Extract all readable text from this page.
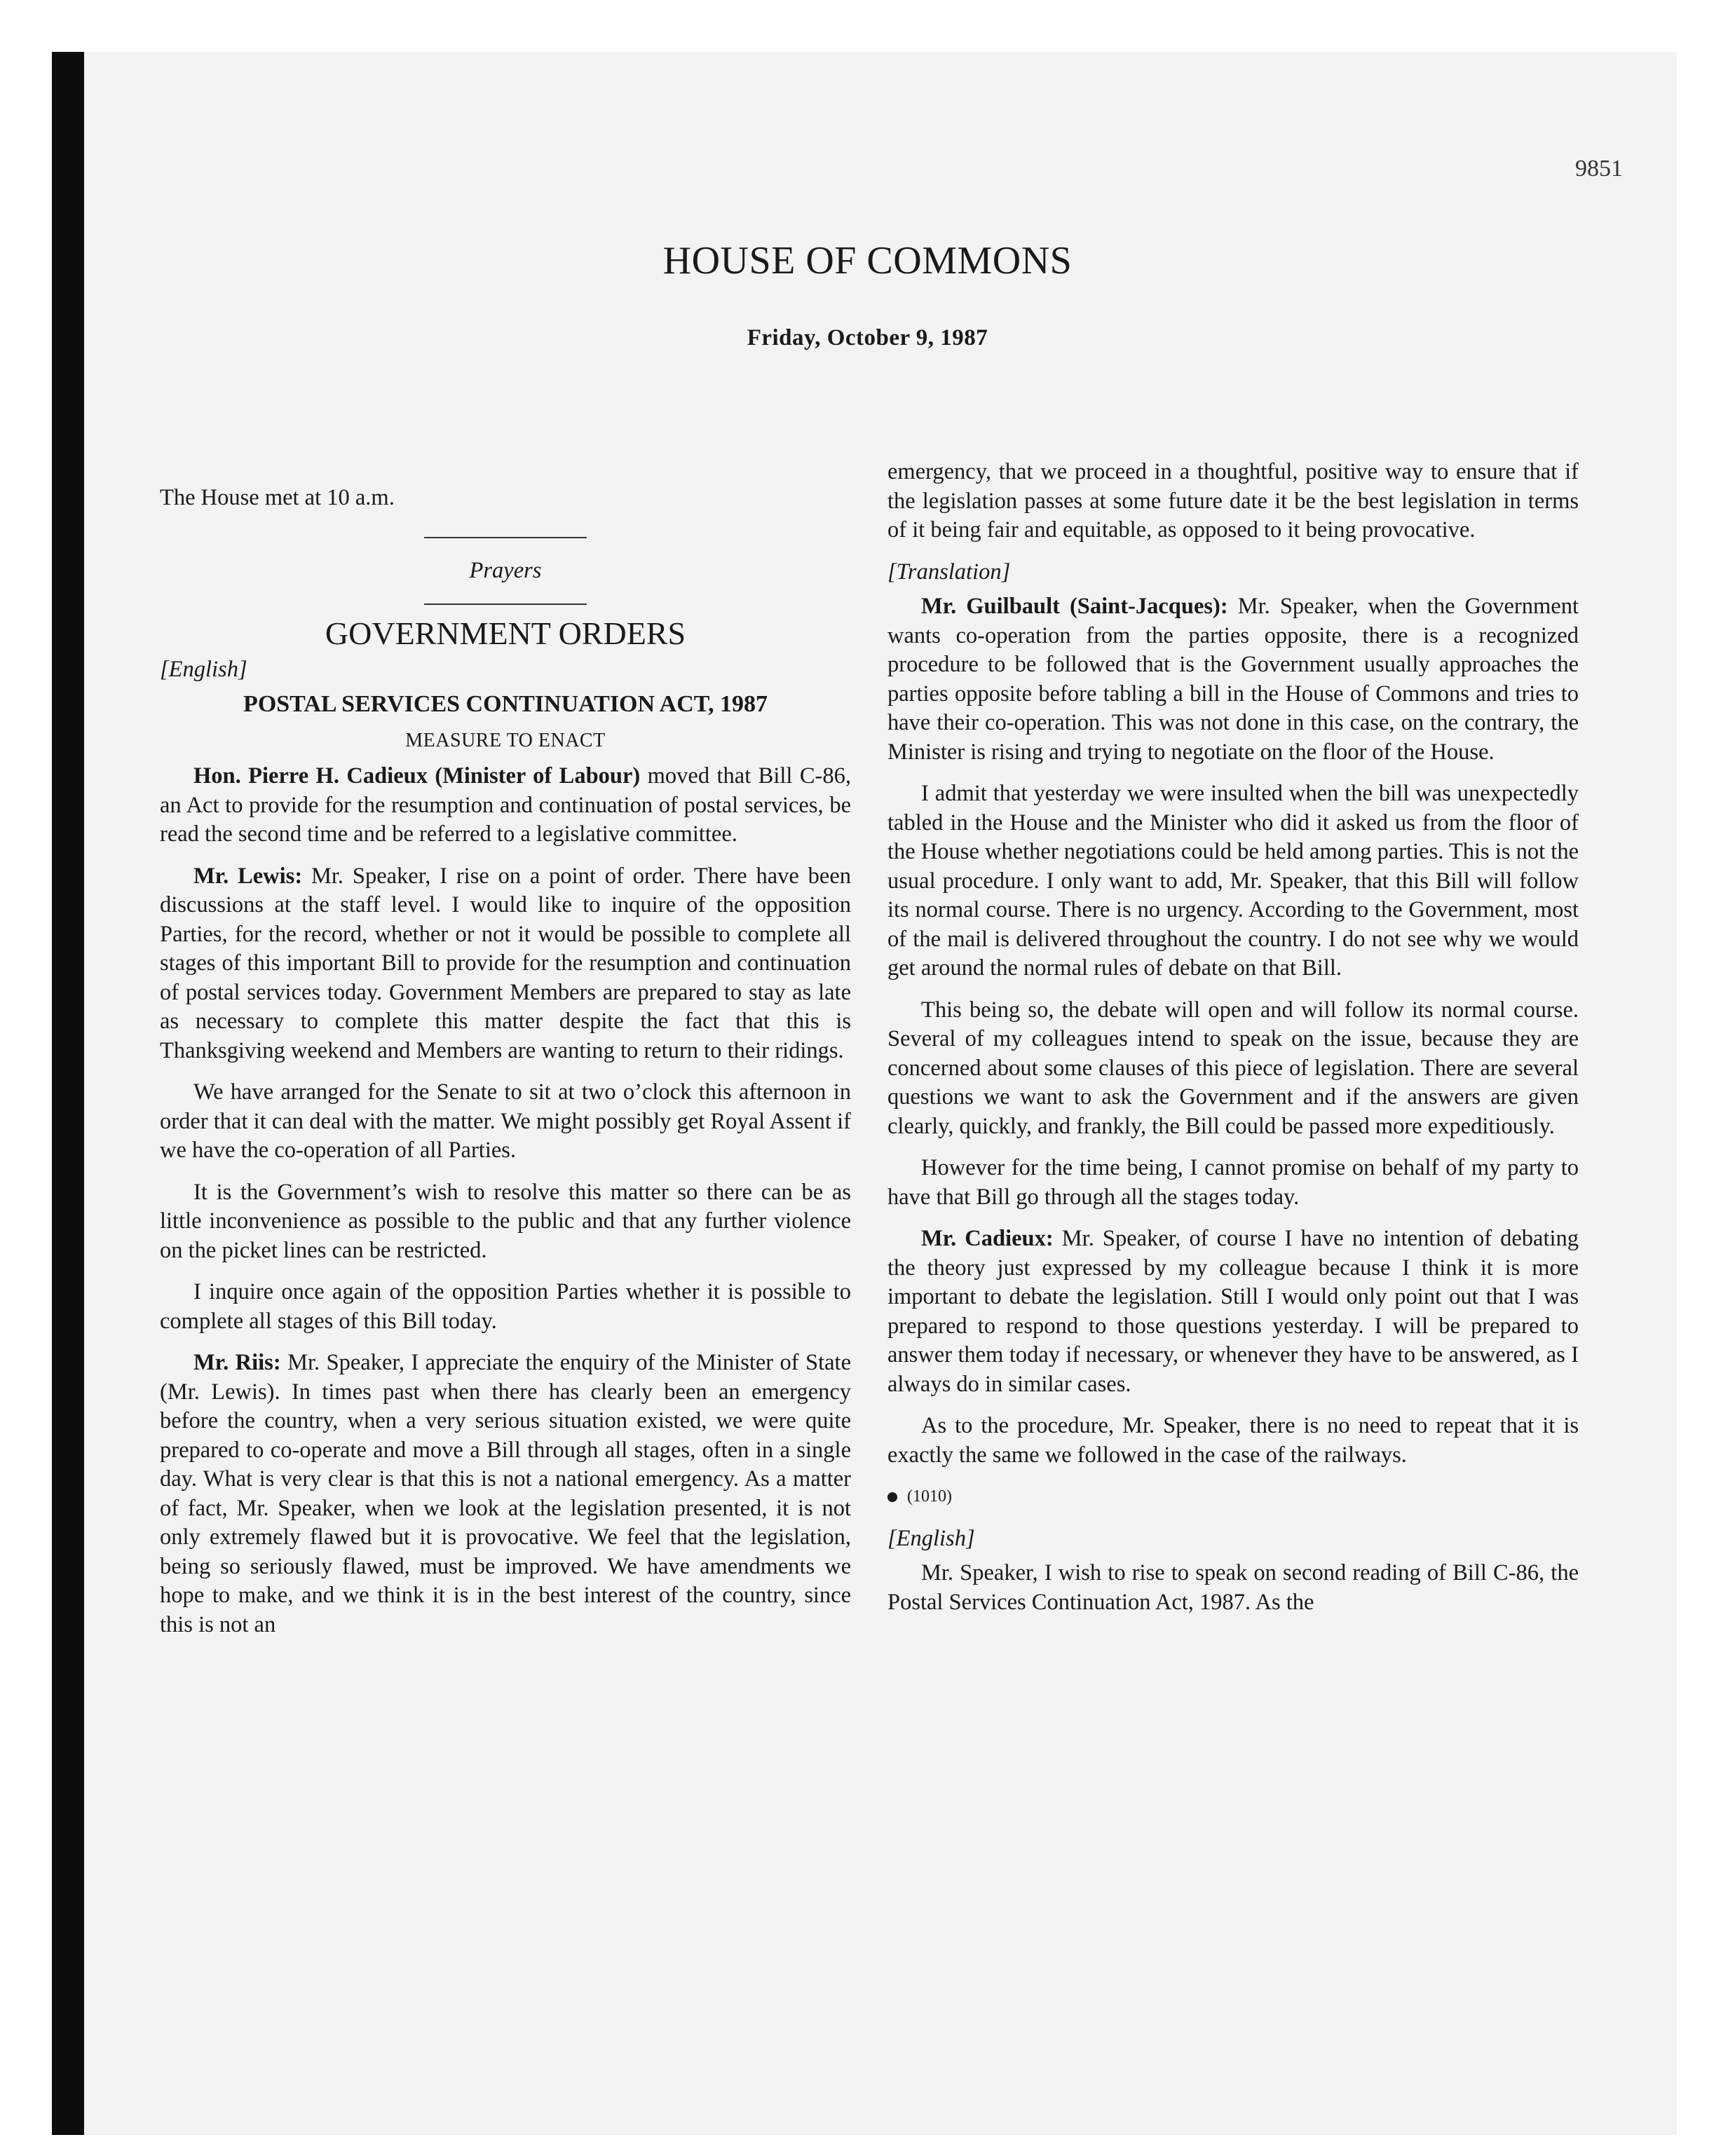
9851
HOUSE OF COMMONS
Friday, October 9, 1987

The House met at 10 a.m.

Prayers
GOVERNMENT ORDERS
[English]
POSTAL SERVICES CONTINUATION ACT, 1987
MEASURE TO ENACT

Hon. Pierre H. Cadieux (Minister of Labour) moved that Bill C-86, an Act to provide for the resumption and continuation of postal services, be read the second time and be referred to a legislative committee.

Mr. Lewis: Mr. Speaker, I rise on a point of order. There have been discussions at the staff level. I would like to inquire of the opposition Parties, for the record, whether or not it would be possible to complete all stages of this important Bill to provide for the resumption and continuation of postal services today. Government Members are prepared to stay as late as necessary to complete this matter despite the fact that this is Thanksgiving weekend and Members are wanting to return to their ridings.

We have arranged for the Senate to sit at two o’clock this afternoon in order that it can deal with the matter. We might possibly get Royal Assent if we have the co-operation of all Parties.

It is the Government’s wish to resolve this matter so there can be as little inconvenience as possible to the public and that any further violence on the picket lines can be restricted.

I inquire once again of the opposition Parties whether it is possible to complete all stages of this Bill today.

Mr. Riis: Mr. Speaker, I appreciate the enquiry of the Minister of State (Mr. Lewis). In times past when there has clearly been an emergency before the country, when a very serious situation existed, we were quite prepared to co-operate and move a Bill through all stages, often in a single day. What is very clear is that this is not a national emergency. As a matter of fact, Mr. Speaker, when we look at the legislation presented, it is not only extremely flawed but it is provocative. We feel that the legislation, being so seriously flawed, must be improved. We have amendments we hope to make, and we think it is in the best interest of the country, since this is not an

emergency, that we proceed in a thoughtful, positive way to ensure that if the legislation passes at some future date it be the best legislation in terms of it being fair and equitable, as opposed to it being provocative.

[Translation]

Mr. Guilbault (Saint-Jacques): Mr. Speaker, when the Government wants co-operation from the parties opposite, there is a recognized procedure to be followed that is the Government usually approaches the parties opposite before tabling a bill in the House of Commons and tries to have their co-operation. This was not done in this case, on the contrary, the Minister is rising and trying to negotiate on the floor of the House.

I admit that yesterday we were insulted when the bill was unexpectedly tabled in the House and the Minister who did it asked us from the floor of the House whether negotiations could be held among parties. This is not the usual procedure. I only want to add, Mr. Speaker, that this Bill will follow its normal course. There is no urgency. According to the Government, most of the mail is delivered throughout the country. I do not see why we would get around the normal rules of debate on that Bill.

This being so, the debate will open and will follow its normal course. Several of my colleagues intend to speak on the issue, because they are concerned about some clauses of this piece of legislation. There are several questions we want to ask the Government and if the answers are given clearly, quickly, and frankly, the Bill could be passed more expeditiously.

However for the time being, I cannot promise on behalf of my party to have that Bill go through all the stages today.

Mr. Cadieux: Mr. Speaker, of course I have no intention of debating the theory just expressed by my colleague because I think it is more important to debate the legislation. Still I would only point out that I was prepared to respond to those questions yesterday. I will be prepared to answer them today if necessary, or whenever they have to be answered, as I always do in similar cases.

As to the procedure, Mr. Speaker, there is no need to repeat that it is exactly the same we followed in the case of the railways.

(1010)
[English]

Mr. Speaker, I wish to rise to speak on second reading of Bill C-86, the Postal Services Continuation Act, 1987. As the
